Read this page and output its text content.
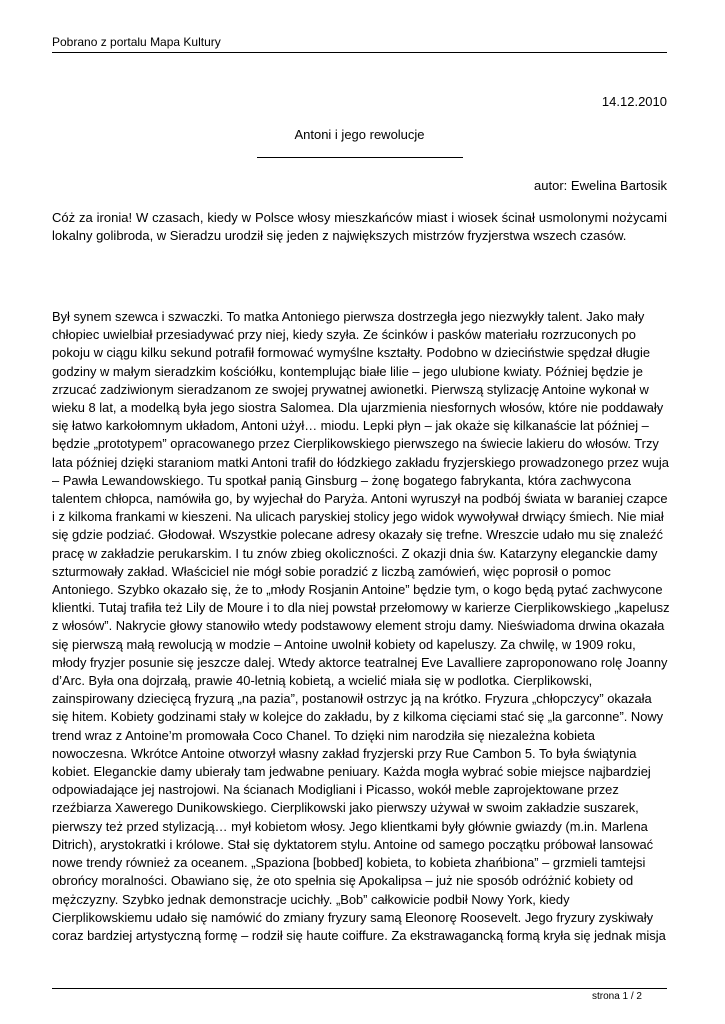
Pobrano z portalu Mapa Kultury
14.12.2010
Antoni i jego rewolucje
autor: Ewelina Bartosik

Cóż za ironia! W czasach, kiedy w Polsce włosy mieszkańców miast i wiosek ścinał usmolonymi nożycami lokalny golibroda, w Sieradzu urodził się jeden z największych mistrzów fryzjerstwa wszech czasów.

Był synem szewca i szwaczki. To matka Antoniego pierwsza dostrzegła jego niezwykły talent. Jako mały chłopiec uwielbiał przesiadywać przy niej, kiedy szyła. Ze ścinków i pasków materiału rozrzuconych po pokoju w ciągu kilku sekund potrafił formować wymyślne kształty. Podobno w dzieciństwie spędzał długie godziny w małym sieradzkim kościółku, kontemplując białe lilie – jego ulubione kwiaty. Później będzie je zrzucać zadziwionym sieradzanom ze swojej prywatnej awionetki. Pierwszą stylizację Antoine wykonał w wieku 8 lat, a modelką była jego siostra Salomea. Dla ujarzmienia niesfornych włosów, które nie poddawały się łatwo karkołomnym układom, Antoni użył… miodu. Lepki płyn – jak okaże się kilkanaście lat później – będzie „prototypem” opracowanego przez Cierplikowskiego pierwszego na świecie lakieru do włosów. Trzy lata później dzięki staraniom matki Antoni trafił do łódzkiego zakładu fryzjerskiego prowadzonego przez wuja – Pawła Lewandowskiego. Tu spotkał panią Ginsburg – żonę bogatego fabrykanta, która zachwycona talentem chłopca, namówiła go, by wyjechał do Paryża. Antoni wyruszył na podbój świata w baraniej czapce i z kilkoma frankami w kieszeni. Na ulicach paryskiej stolicy jego widok wywoływał drwiący śmiech. Nie miał się gdzie podziać. Głodował. Wszystkie polecane adresy okazały się trefne. Wreszcie udało mu się znaleźć pracę w zakładzie perukarskim. I tu znów zbieg okoliczności. Z okazji dnia św. Katarzyny eleganckie damy szturmowały zakład. Właściciel nie mógł sobie poradzić z liczbą zamówień, więc poprosił o pomoc Antoniego. Szybko okazało się, że to „młody Rosjanin Antoine” będzie tym, o kogo będą pytać zachwycone klientki. Tutaj trafiła też Lily de Moure i to dla niej powstał przełomowy w karierze Cierplikowskiego „kapelusz z włosów”. Nakrycie głowy stanowiło wtedy podstawowy element stroju damy. Nieświadoma drwina okazała się pierwszą małą rewolucją w modzie – Antoine uwolnił kobiety od kapeluszy. Za chwilę, w 1909 roku, młody fryzjer posunie się jeszcze dalej. Wtedy aktorce teatralnej Eve Lavalliere zaproponowano rolę Joanny d’Arc. Była ona dojrzałą, prawie 40-letnią kobietą, a wcielić miała się w podlotka. Cierplikowski, zainspirowany dziecięcą fryzurą „na pazia”, postanowił ostrzyc ją na krótko. Fryzura „chłopczycy” okazała się hitem. Kobiety godzinami stały w kolejce do zakładu, by z kilkoma cięciami stać się „la garconne”. Nowy trend wraz z Antoine’m promowała Coco Chanel. To dzięki nim narodziła się niezależna kobieta nowoczesna. Wkrótce Antoine otworzył własny zakład fryzjerski przy Rue Cambon 5. To była świątynia kobiet. Eleganckie damy ubierały tam jedwabne peniuary. Każda mogła wybrać sobie miejsce najbardziej odpowiadające jej nastrojowi. Na ścianach Modigliani i Picasso, wokół meble zaprojektowane przez rzeźbiarza Xawerego Dunikowskiego. Cierplikowski jako pierwszy używał w swoim zakładzie suszarek, pierwszy też przed stylizacją… mył kobietom włosy. Jego klientkami były głównie gwiazdy (m.in. Marlena Ditrich), arystokratki i królowe. Stał się dyktatorem stylu. Antoine od samego początku próbował lansować nowe trendy również za oceanem. „Spaziona [bobbed] kobieta, to kobieta zhańbiona” – grzmieli tamtejsi obrońcy moralności. Obawiano się, że oto spełnia się Apokalipsa – już nie sposób odróżnić kobiety od mężczyzny. Szybko jednak demonstracje ucichły. „Bob” całkowicie podbił Nowy York, kiedy Cierplikowskiemu udało się namówić do zmiany fryzury samą Eleonorę Roosevelt. Jego fryzury zyskiwały coraz bardziej artystyczną formę – rodził się haute coiffure. Za ekstrawagancką formą kryła się jednak misja

strona 1 / 2
